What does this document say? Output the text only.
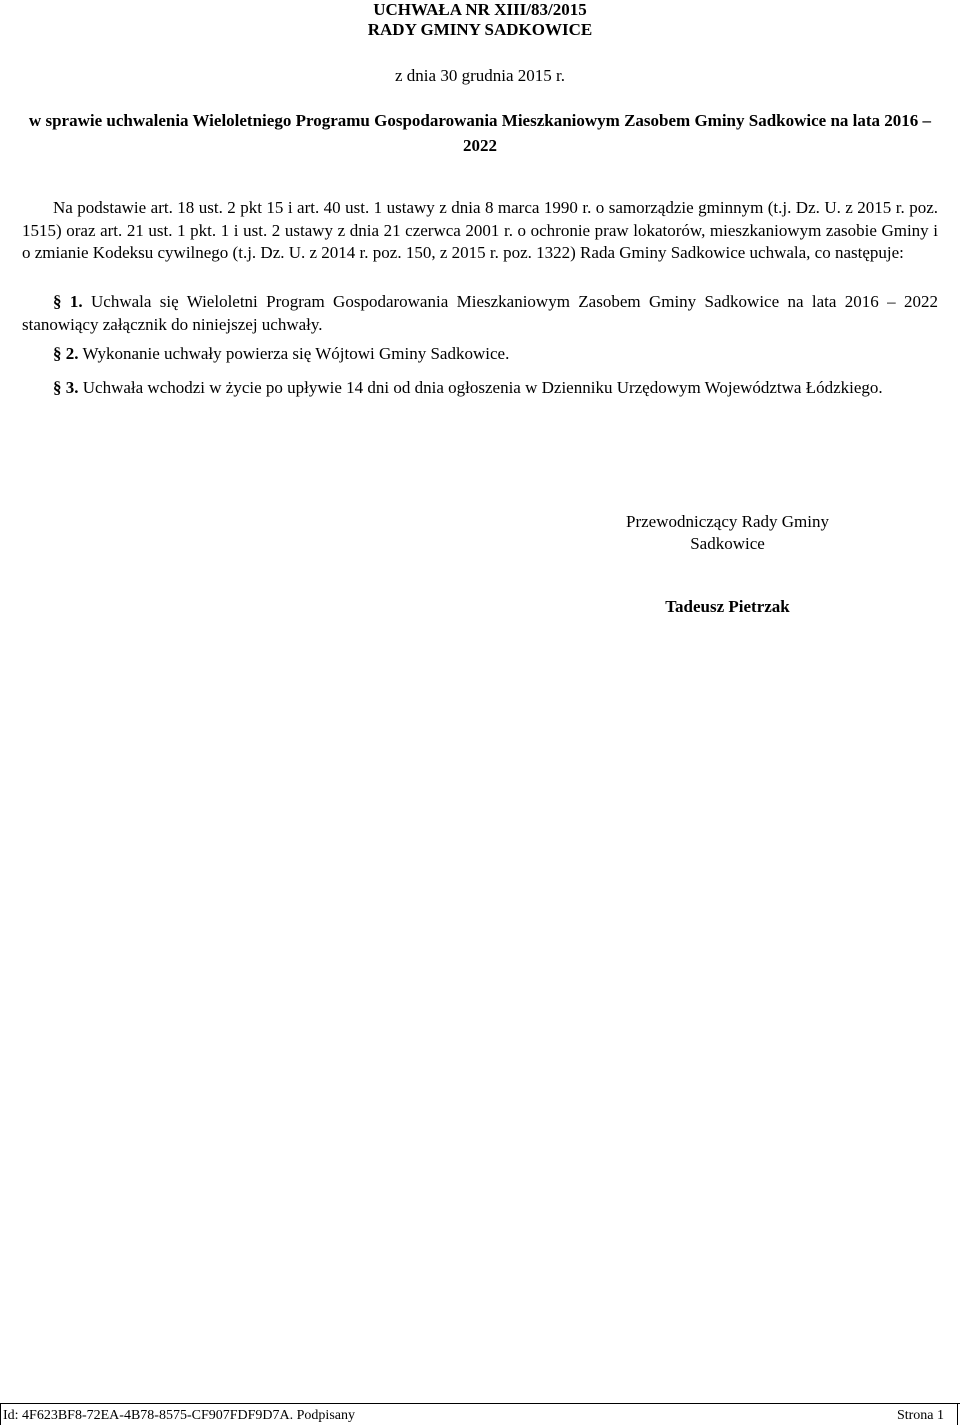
UCHWAŁA NR XIII/83/2015
RADY GMINY SADKOWICE
z dnia 30 grudnia 2015 r.
w sprawie uchwalenia Wieloletniego Programu Gospodarowania Mieszkaniowym Zasobem Gminy Sadkowice na lata 2016 – 2022
Na podstawie art. 18 ust. 2 pkt 15 i art. 40 ust. 1 ustawy z dnia 8 marca 1990 r. o samorządzie gminnym (t.j. Dz. U. z 2015 r. poz. 1515) oraz art. 21 ust. 1 pkt. 1 i ust. 2 ustawy z dnia 21 czerwca 2001 r. o ochronie praw lokatorów, mieszkaniowym zasobie Gminy i o zmianie Kodeksu cywilnego (t.j. Dz. U. z 2014 r. poz. 150, z 2015 r. poz. 1322) Rada Gminy Sadkowice uchwala, co następuje:
§ 1. Uchwala się Wieloletni Program Gospodarowania Mieszkaniowym Zasobem Gminy Sadkowice na lata 2016 – 2022 stanowiący załącznik do niniejszej uchwały.
§ 2. Wykonanie uchwały powierza się Wójtowi Gminy Sadkowice.
§ 3. Uchwała wchodzi w życie po upływie 14 dni od dnia ogłoszenia w Dzienniku Urzędowym Województwa Łódzkiego.
Przewodniczący Rady Gminy
Sadkowice
Tadeusz Pietrzak
Id: 4F623BF8-72EA-4B78-8575-CF907FDF9D7A. Podpisany	Strona 1
